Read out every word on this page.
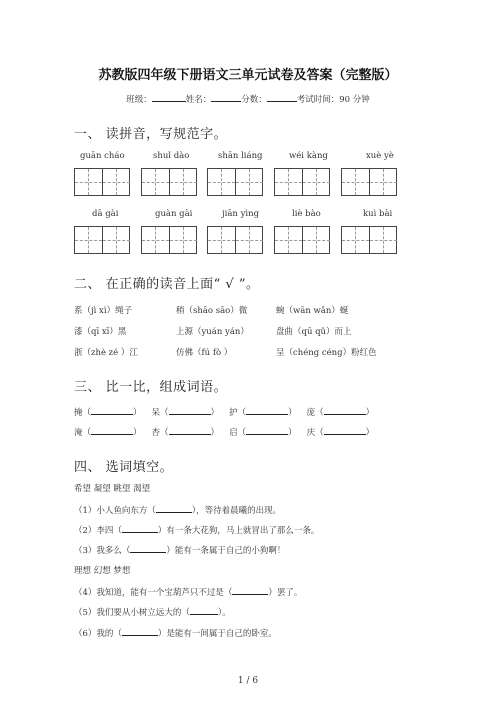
苏教版四年级下册语文三单元试卷及答案（完整版）
班级：	姓名：	分数：	考试时间：90 分钟
一、 读拼音，写规范字。
guān cháo	shuǐ dào	shān liáng	wéi kàng	xuè yè
dā gài	guàn gài	jiān yìng	liè bào	kuì bài
二、 在正确的读音上面“ √ ”。
系（jì xì）绳子	稍（shāo sāo）微	蜿（wān wǎn）蜒
漆（qī xī）黑	上源（yuán yán）	盘曲（qū qǔ）而上
浙（zhè zé ）江	仿佛（fú fò ）	呈（chéng céng）粉红色
三、 比一比，组成词语。
掩（	） 呆（	） 护（	） 庞（	）
淹（	） 杏（	） 启（	） 庆（	）
四、 选词填空。
希望 凝望 眺望 渴望
（1）小人鱼向东方（	），等待着晨曦的出现。
（2）李四（	）有一条大花狗，马上就冒出了那么一条。
（3）我多么（	）能有一条属于自己的小狗啊！
理想 幻想 梦想
（4）我知道，能有一个宝葫芦只不过是（	）罢了。
（5）我们要从小树立远大的（	）。
（6）我的（	）是能有一间属于自己的卧室。
1 / 6
